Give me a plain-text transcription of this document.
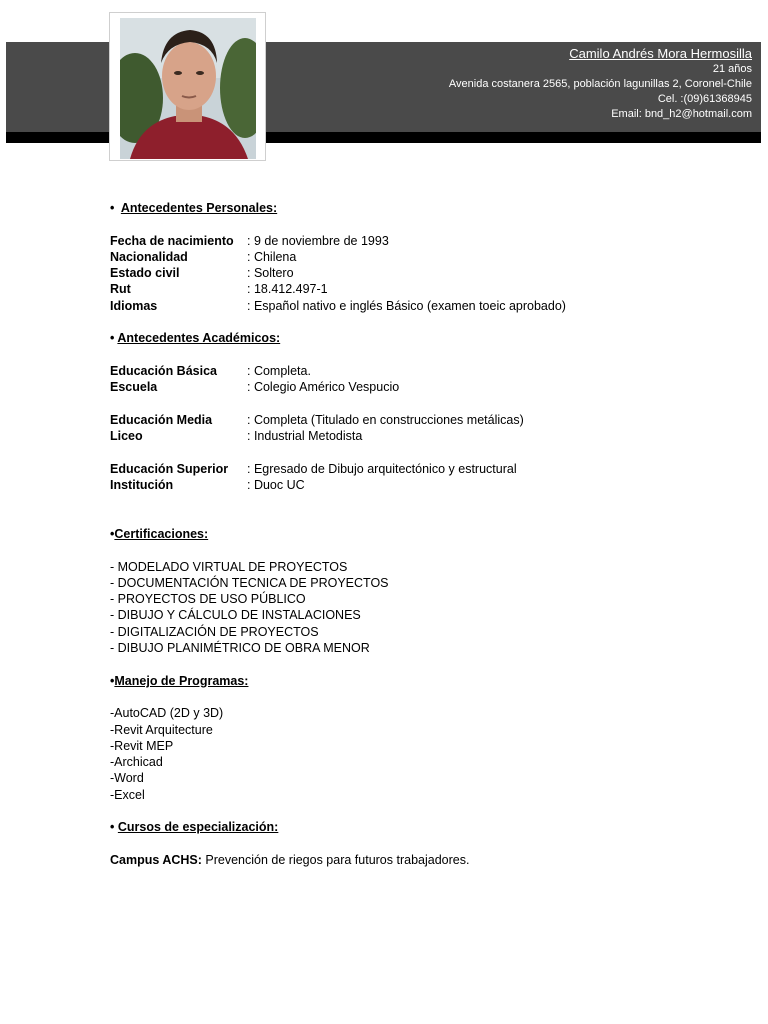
Camilo Andrés Mora Hermosilla
21 años
Avenida costanera 2565, población lagunillas 2, Coronel-Chile
Cel. :(09)61368945
Email: bnd_h2@hotmail.com
•  Antecedentes Personales:
Fecha de nacimiento	: 9 de noviembre de 1993
Nacionalidad	: Chilena
Estado civil	: Soltero
Rut	: 18.412.497-1
Idiomas	: Español nativo e inglés Básico (examen toeic aprobado)
• Antecedentes Académicos:
Educación Básica	: Completa.
Escuela	: Colegio Américo Vespucio
Educación Media	: Completa (Titulado en construcciones metálicas)
Liceo	: Industrial Metodista
Educación Superior	: Egresado de Dibujo arquitectónico y estructural
Institución	: Duoc UC
•Certificaciones:
- MODELADO VIRTUAL DE PROYECTOS
- DOCUMENTACIÓN TECNICA DE PROYECTOS
- PROYECTOS DE USO PÚBLICO
- DIBUJO Y CÁLCULO DE INSTALACIONES
- DIGITALIZACIÓN DE PROYECTOS
- DIBUJO PLANIMÉTRICO DE OBRA MENOR
•Manejo de Programas:
-AutoCAD (2D y 3D)
-Revit Arquitecture
-Revit MEP
-Archicad
-Word
-Excel
• Cursos de especialización:
Campus ACHS: Prevención de riegos para futuros trabajadores.
